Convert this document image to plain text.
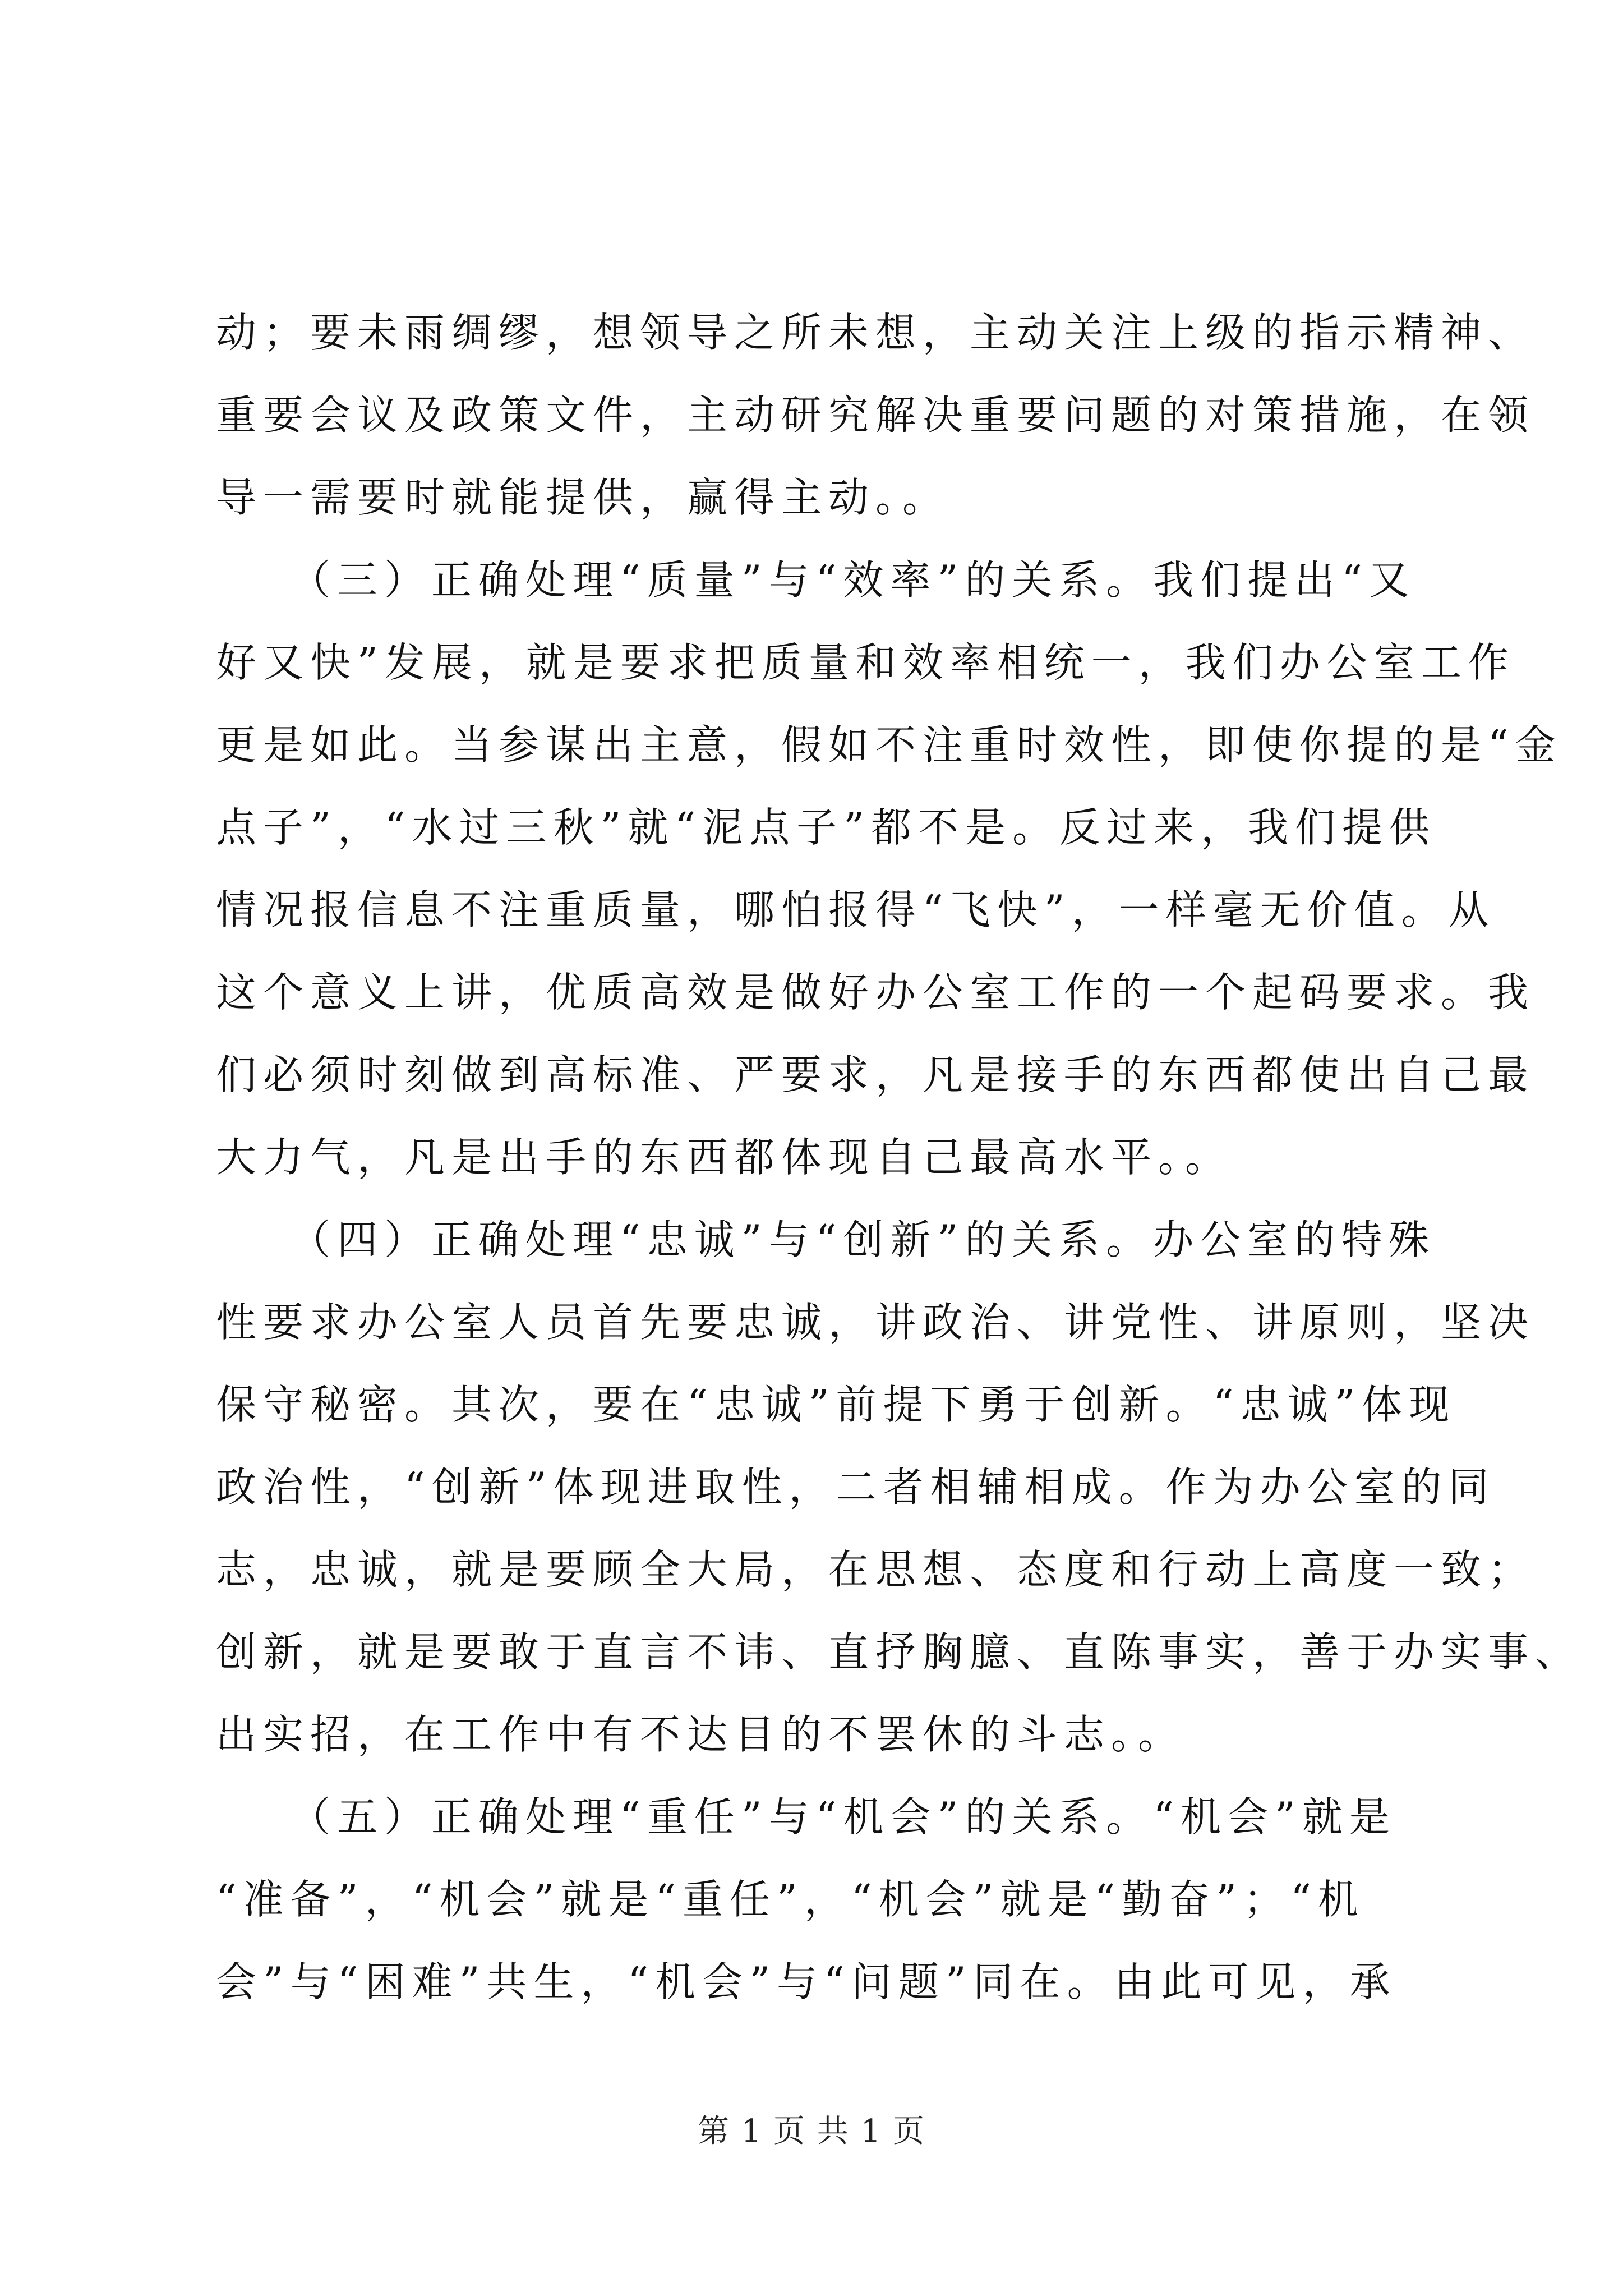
动；要未雨绸缪，想领导之所未想，主动关注上级的指示精神、
重要会议及政策文件，主动研究解决重要问题的对策措施，在领
导一需要时就能提供，赢得主动。。
　　（三）正确处理“质量”与“效率”的关系。我们提出“又
好又快”发展，就是要求把质量和效率相统一，我们办公室工作
更是如此。当参谋出主意，假如不注重时效性，即使你提的是“金
点子”，“水过三秋”就“泥点子”都不是。反过来，我们提供
情况报信息不注重质量，哪怕报得“飞快”，一样毫无价值。从
这个意义上讲，优质高效是做好办公室工作的一个起码要求。我
们必须时刻做到高标准、严要求，凡是接手的东西都使出自己最
大力气，凡是出手的东西都体现自己最高水平。。
　　（四）正确处理“忠诚”与“创新”的关系。办公室的特殊
性要求办公室人员首先要忠诚，讲政治、讲党性、讲原则，坚决
保守秘密。其次，要在“忠诚”前提下勇于创新。“忠诚”体现
政治性，“创新”体现进取性，二者相辅相成。作为办公室的同
志，忠诚，就是要顾全大局，在思想、态度和行动上高度一致；
创新，就是要敢于直言不讳、直抒胸臆、直陈事实，善于办实事、
出实招，在工作中有不达目的不罢休的斗志。。
　　（五）正确处理“重任”与“机会”的关系。“机会”就是
“准备”，“机会”就是“重任”，“机会”就是“勤奋”；“机
会”与“困难”共生，“机会”与“问题”同在。由此可见，承
第 1 页 共 1 页
